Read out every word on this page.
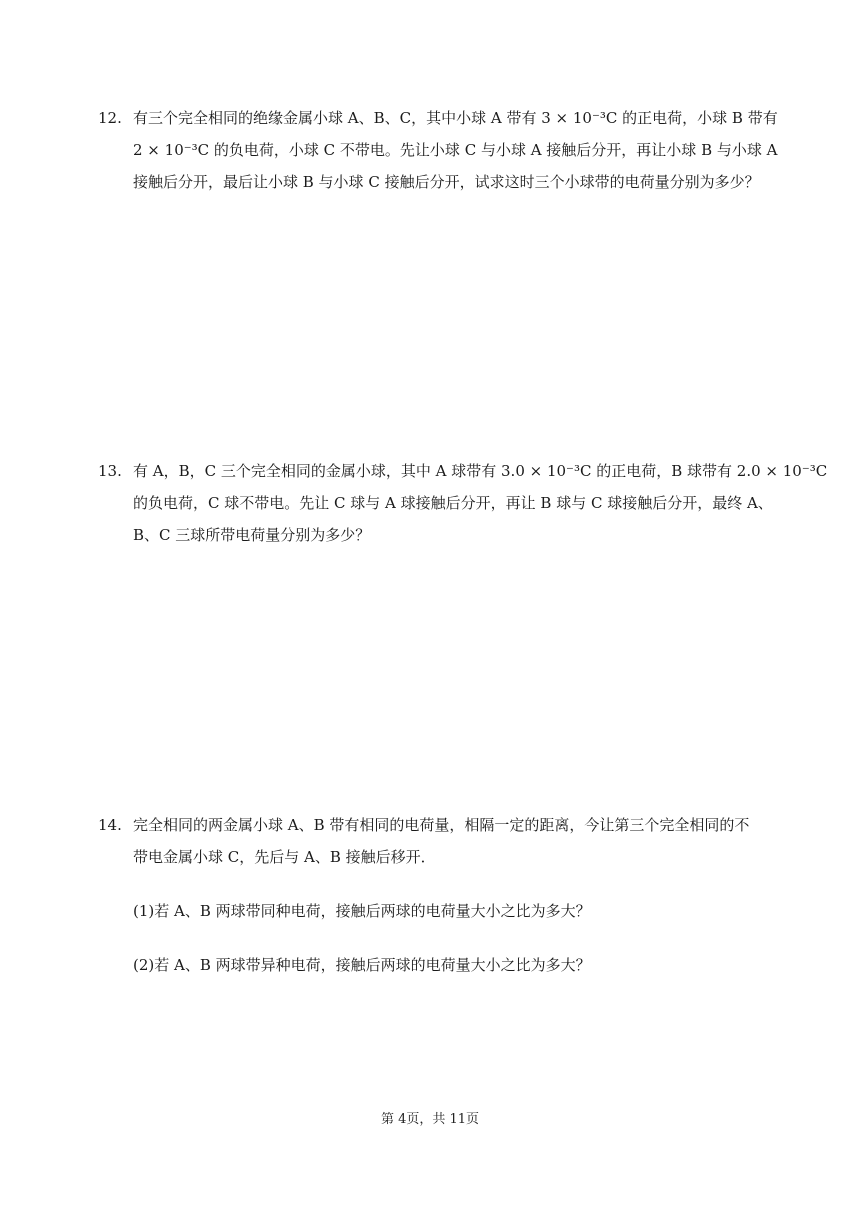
12. 有三个完全相同的绝缘金属小球 A、B、C，其中小球 A 带有 3 × 10⁻³C 的正电荷，小球 B 带有
2 × 10⁻³C 的负电荷，小球 C 不带电。先让小球 C 与小球 A 接触后分开，再让小球 B 与小球 A
接触后分开，最后让小球 B 与小球 C 接触后分开，试求这时三个小球带的电荷量分别为多少？
13. 有 A，B，C 三个完全相同的金属小球，其中 A 球带有 3.0 × 10⁻³C 的正电荷，B 球带有 2.0 × 10⁻³C
的负电荷，C 球不带电。先让 C 球与 A 球接触后分开，再让 B 球与 C 球接触后分开，最终 A、
B、C 三球所带电荷量分别为多少？
14. 完全相同的两金属小球 A、B 带有相同的电荷量，相隔一定的距离，今让第三个完全相同的不
带电金属小球 C，先后与 A、B 接触后移开．
(1)若 A、B 两球带同种电荷，接触后两球的电荷量大小之比为多大？
(2)若 A、B 两球带异种电荷，接触后两球的电荷量大小之比为多大？
第 4页，共 11页
